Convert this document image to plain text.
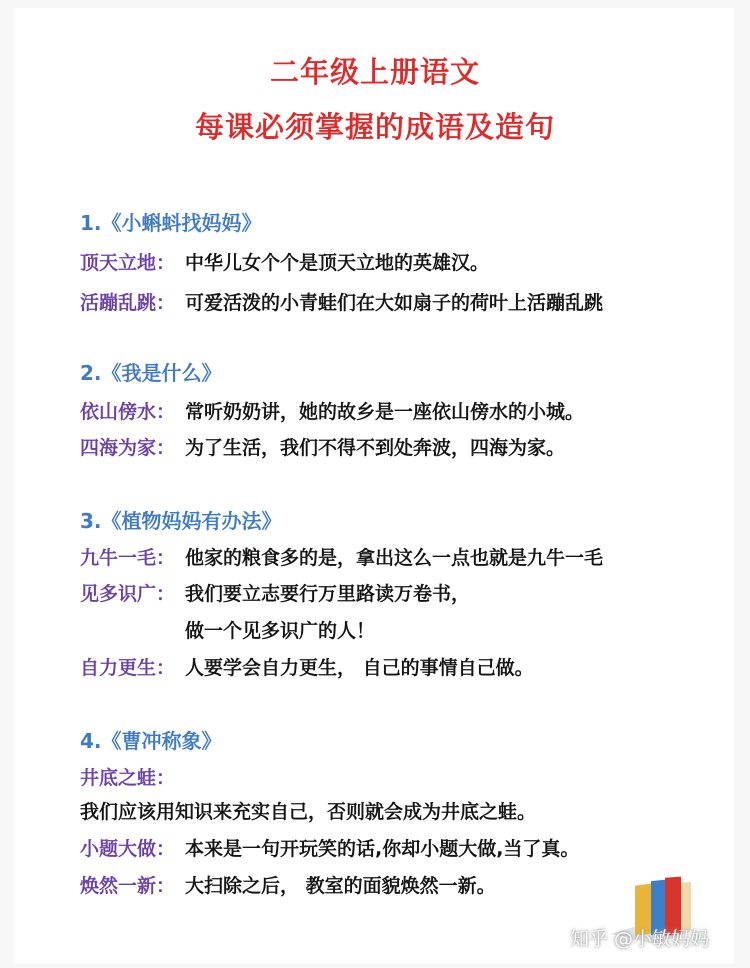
二年级上册语文
每课必须掌握的成语及造句
1.《小蝌蚪找妈妈》
顶天立地： 中华儿女个个是顶天立地的英雄汉。
活蹦乱跳： 可爱活泼的小青蛙们在大如扇子的荷叶上活蹦乱跳
2.《我是什么》
依山傍水： 常听奶奶讲，她的故乡是一座依山傍水的小城。
四海为家： 为了生活，我们不得不到处奔波，四海为家。
3.《植物妈妈有办法》
九牛一毛： 他家的粮食多的是，拿出这么一点也就是九牛一毛
见多识广： 我们要立志要行万里路读万卷书，
做一个见多识广的人！
自力更生： 人要学会自力更生， 自己的事情自己做。
4.《曹冲称象》
井底之蛙：
我们应该用知识来充实自己，否则就会成为井底之蛙。
小题大做： 本来是一句开玩笑的话,你却小题大做,当了真。
焕然一新： 大扫除之后， 教室的面貌焕然一新。
知乎 @小敏妈妈
